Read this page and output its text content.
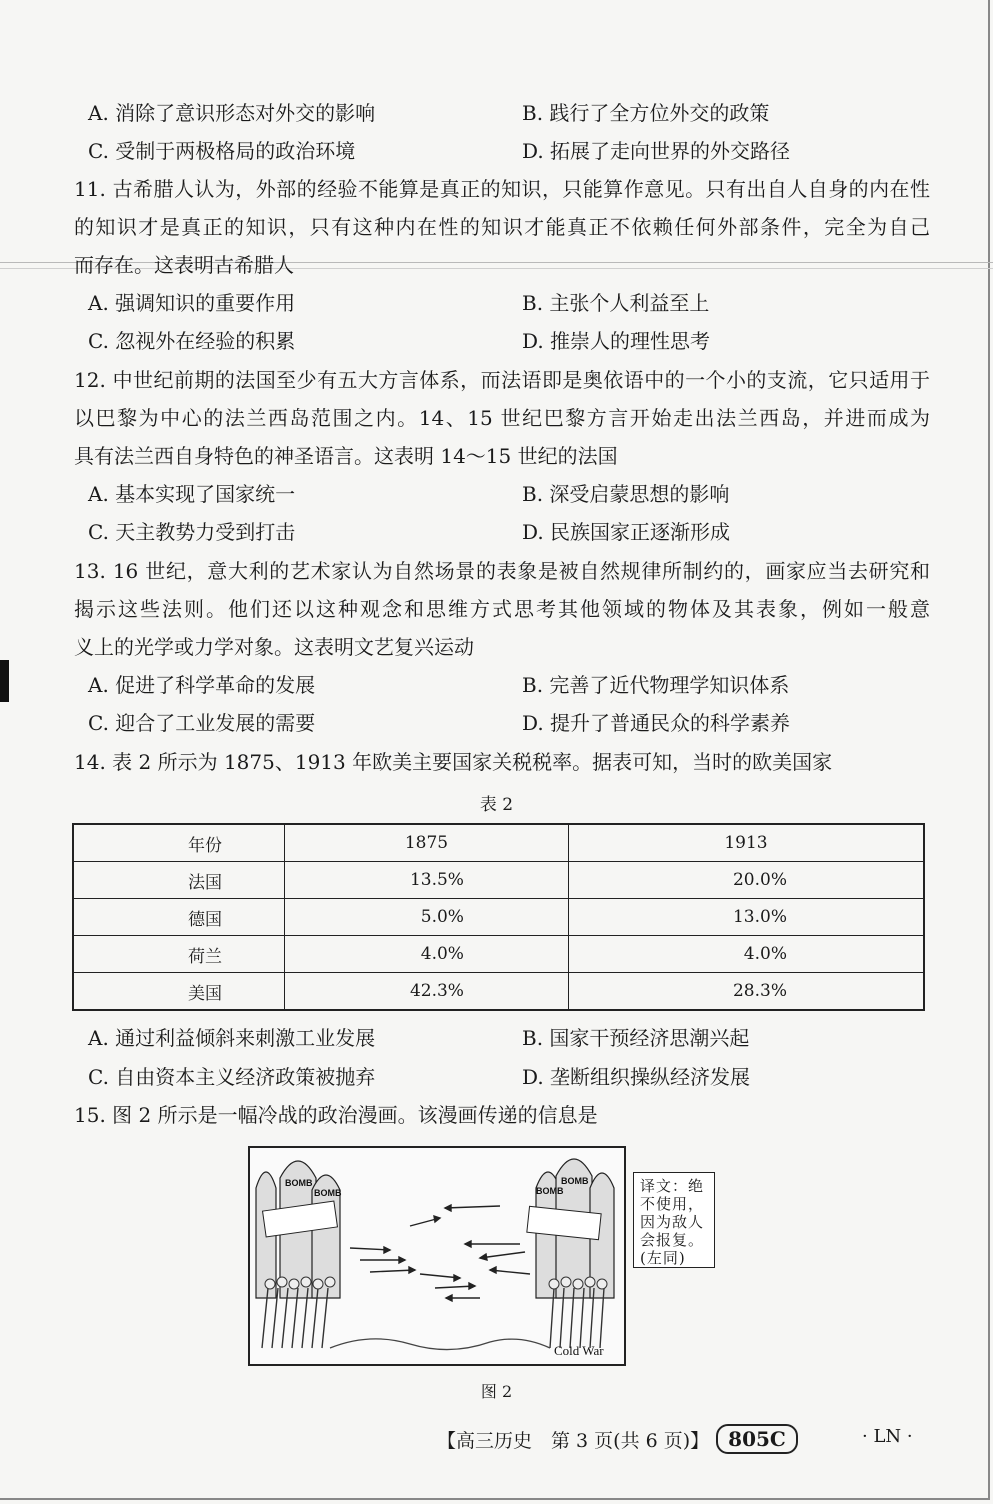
A. 消除了意识形态对外交的影响	B. 践行了全方位外交的政策
C. 受制于两极格局的政治环境	D. 拓展了走向世界的外交路径
11. 古希腊人认为，外部的经验不能算是真正的知识，只能算作意见。只有出自人自身的内在性
的知识才是真正的知识，只有这种内在性的知识才能真正不依赖任何外部条件，完全为自己
而存在。这表明古希腊人
A. 强调知识的重要作用	B. 主张个人利益至上
C. 忽视外在经验的积累	D. 推崇人的理性思考
12. 中世纪前期的法国至少有五大方言体系，而法语即是奥依语中的一个小的支流，它只适用于
以巴黎为中心的法兰西岛范围之内。14、15 世纪巴黎方言开始走出法兰西岛，并进而成为
具有法兰西自身特色的神圣语言。这表明 14～15 世纪的法国
A. 基本实现了国家统一	B. 深受启蒙思想的影响
C. 天主教势力受到打击	D. 民族国家正逐渐形成
13. 16 世纪，意大利的艺术家认为自然场景的表象是被自然规律所制约的，画家应当去研究和
揭示这些法则。他们还以这种观念和思维方式思考其他领域的物体及其表象，例如一般意
义上的光学或力学对象。这表明文艺复兴运动
A. 促进了科学革命的发展	B. 完善了近代物理学知识体系
C. 迎合了工业发展的需要	D. 提升了普通民众的科学素养
14. 表 2 所示为 1875、1913 年欧美主要国家关税税率。据表可知，当时的欧美国家
表 2
年份	1875	1913
法国	13.5%	20.0%
德国	5.0%	13.0%
荷兰	4.0%	4.0%
美国	42.3%	28.3%
A. 通过利益倾斜来刺激工业发展	B. 国家干预经济思潮兴起
C. 自由资本主义经济政策被抛弃	D. 垄断组织操纵经济发展
15. 图 2 所示是一幅冷战的政治漫画。该漫画传递的信息是
BOMB
BOMB
BOMB
BOMB
Cold War
译文：绝不使用，因为敌人会报复。(左同)
图 2
【高三历史　第 3 页(共 6 页)】 805C	· LN ·
